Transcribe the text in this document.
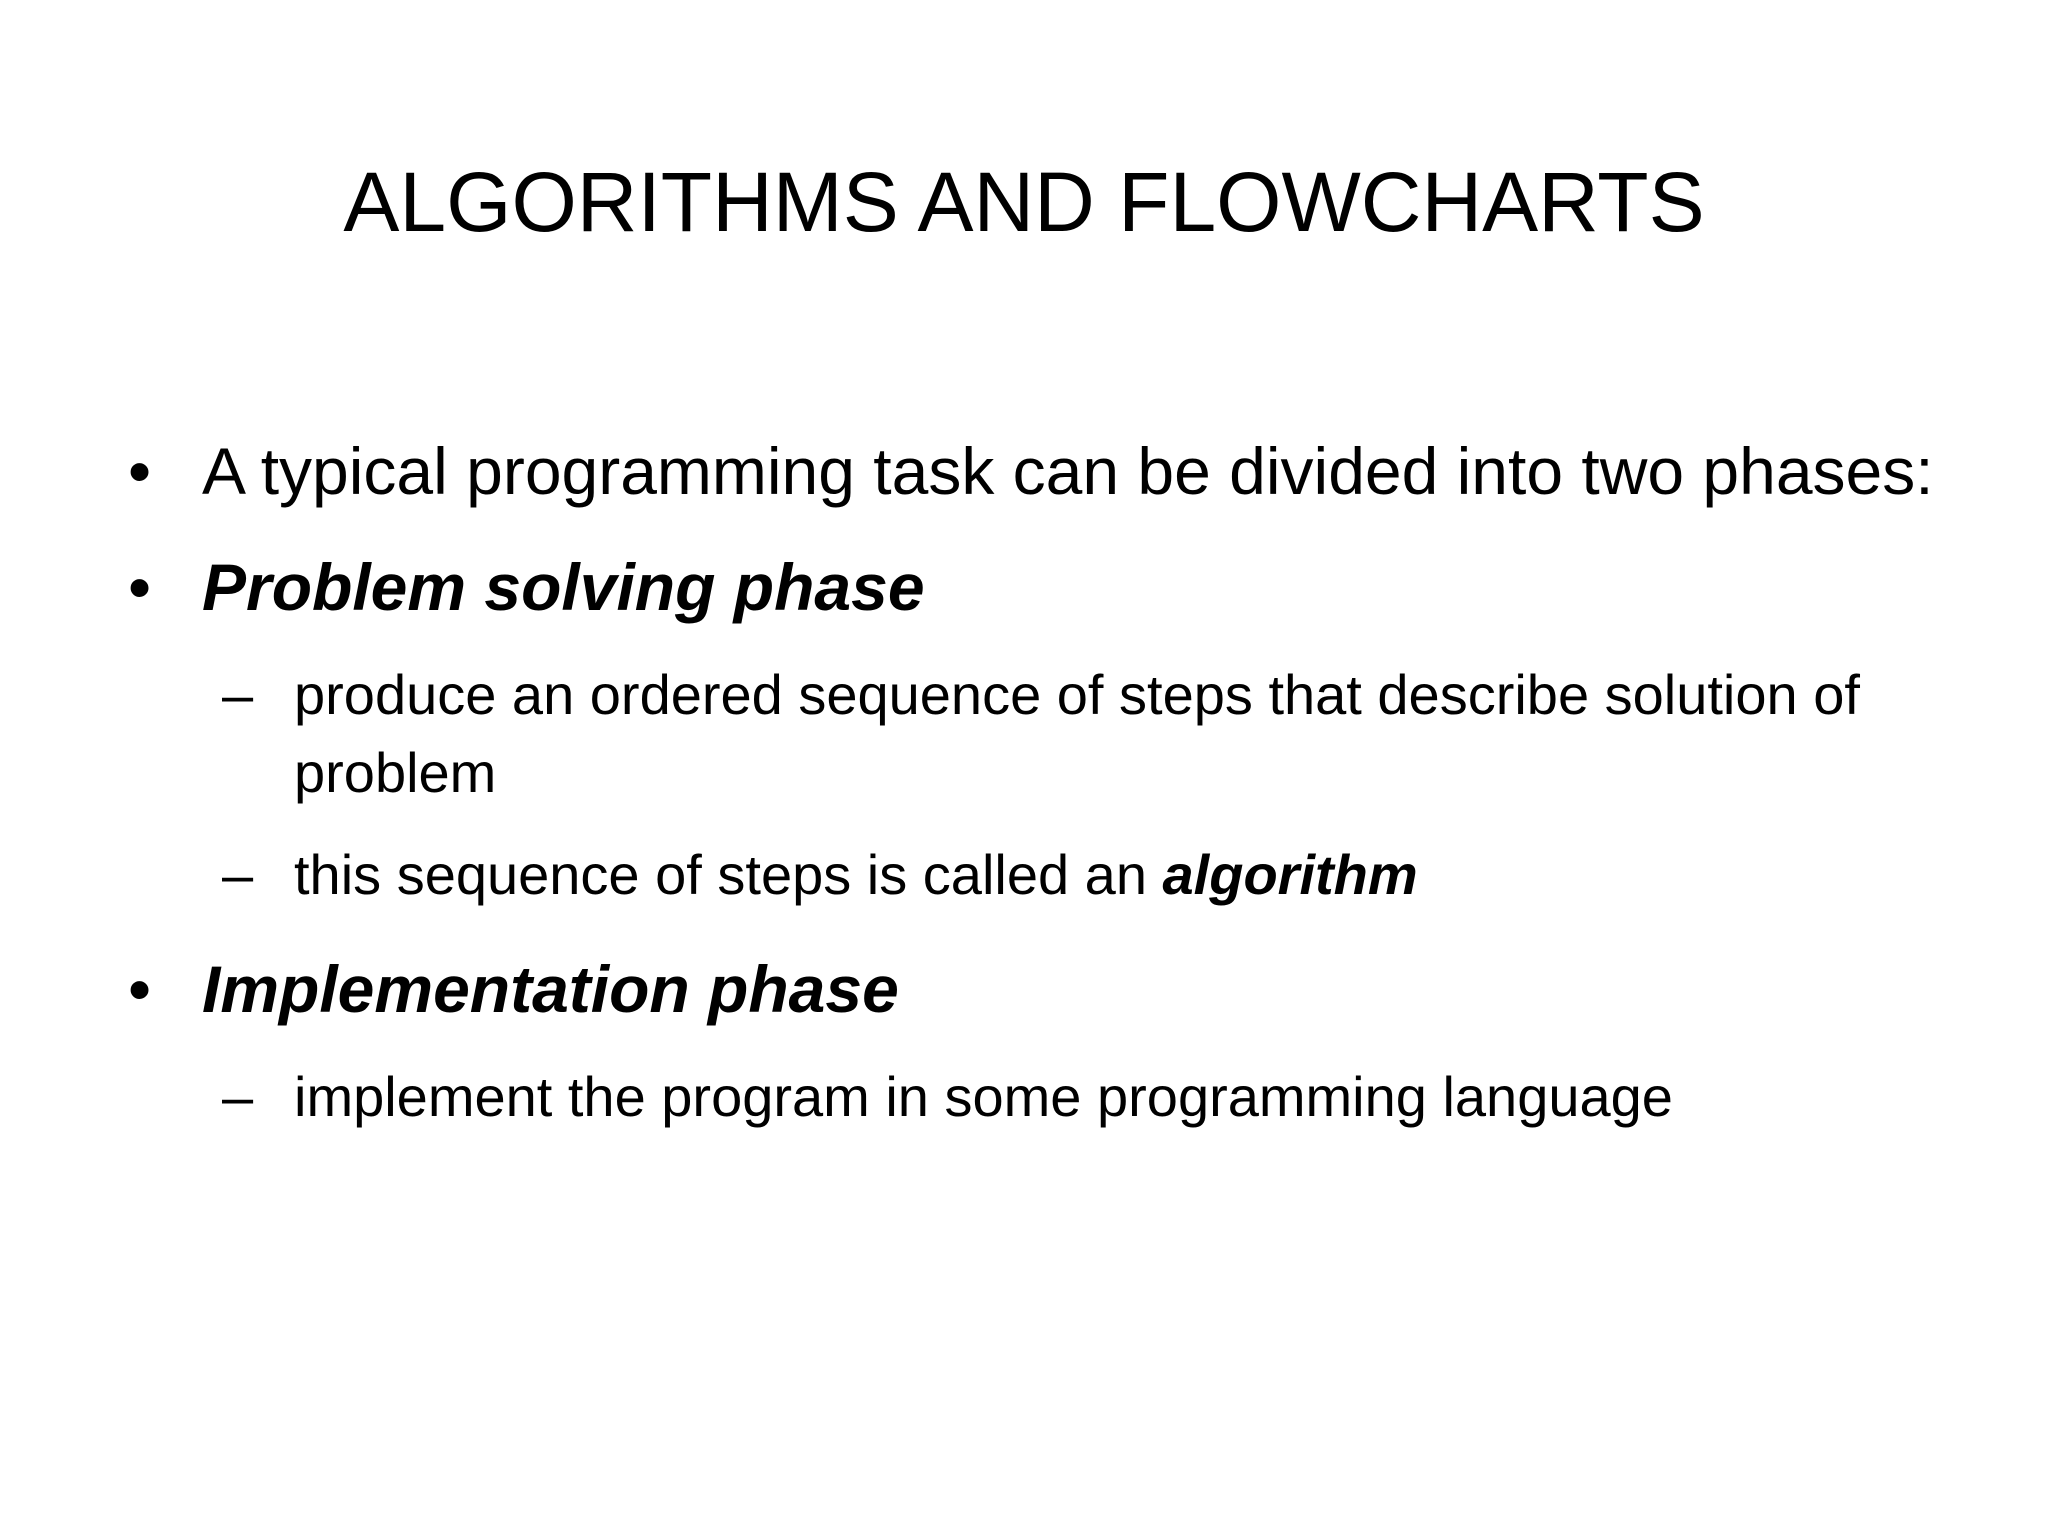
ALGORITHMS AND FLOWCHARTS
• A typical programming task can be divided into two phases:
• Problem solving phase
– produce an ordered sequence of steps that describe solution of problem
– this sequence of steps is called an algorithm
• Implementation phase
– implement the program in some programming language
